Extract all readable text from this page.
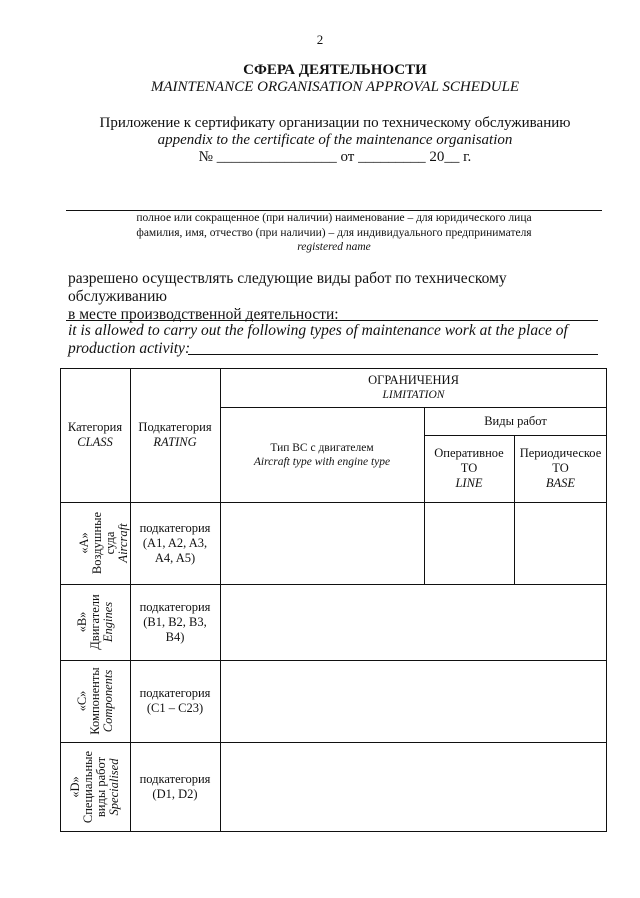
2
СФЕРА ДЕЯТЕЛЬНОСТИ
MAINTENANCE ORGANISATION APPROVAL SCHEDULE
Приложение к сертификату организации по техническому обслуживанию
appendix to the certificate of the maintenance organisation
№ ________________ от _________ 20__ г.
полное или сокращенное (при наличии) наименование – для юридического лица
фамилия, имя, отчество (при наличии) – для индивидуального предпринимателя
registered name
разрешено осуществлять следующие виды работ по техническому обслуживанию
в месте производственной деятельности:
it is allowed to carry out the following types of maintenance work at the place of
production activity:
Категория
CLASS
Подкатегория
RATING
ОГРАНИЧЕНИЯ
LIMITATION
Тип ВС с двигателем
Aircraft type with engine type
Виды работ
Оперативное
ТО
LINE
Периодическое
ТО
BASE
«А» Воздушные суда Aircraft подкатегория
(A1, A2, A3,
A4, A5)
«В» Двигатели Engines подкатегория
(B1, B2, B3,
B4)
«С» Компоненты Components подкатегория
(C1 – C23)
«D» Специальные виды работ Specialised подкатегория
(D1, D2)
